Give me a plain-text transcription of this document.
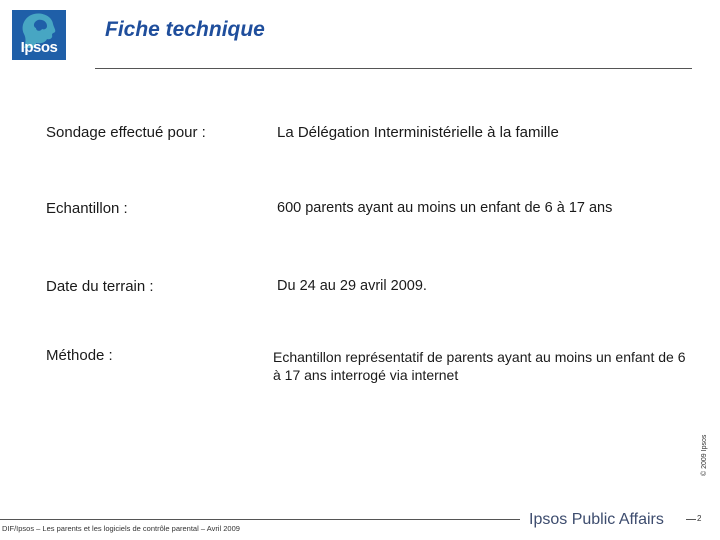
Ipsos
Fiche technique
Sondage effectué pour :	La Délégation Interministérielle à la famille
Echantillon :	600 parents ayant au moins un enfant de 6 à 17 ans
Date du terrain :	Du 24 au 29 avril 2009.
Méthode :	Echantillon représentatif de parents ayant au moins un enfant de 6 à 17 ans interrogé via internet
© 2009 Ipsos
DIF/Ipsos – Les parents et les logiciels de contrôle parental – Avril 2009
Ipsos Public Affairs	2
